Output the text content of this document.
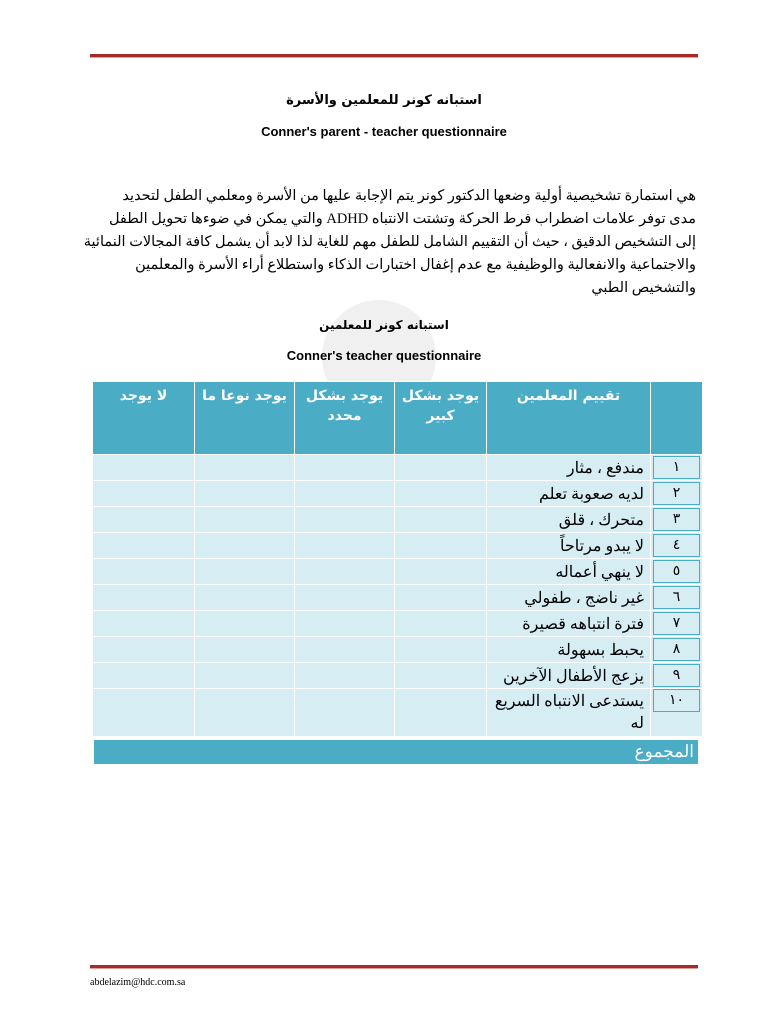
استبانه كونر للمعلمين والأسرة
Conner's parent - teacher questionnaire

هي استمارة تشخيصية أولية وضعها الدكتور كونر يتم الإجابة عليها من الأسرة ومعلمي الطفل لتحديد

مدى توفر علامات اضطراب فرط الحركة وتشتت الانتباه ADHD والتي يمكن في ضوءها تحويل الطفل

إلى التشخيص الدقيق ، حيث أن التقييم الشامل للطفل مهم للغاية لذا لابد أن يشمل كافة المجالات النمائية

والاجتماعية والانفعالية والوظيفية مع عدم إغفال اختبارات الذكاء واستطلاع أراء الأسرة والمعلمين

والتشخيص الطبي

استبانه كونر للمعلمين
Conner's teacher questionnaire
	تقييم المعلمين	يوجد بشكل كبير	يوجد بشكل محدد	يوجد نوعا ما	لا يوجد

١	مندفع ، مثار				

٢	لديه صعوبة تعلم				

٣	متحرك ، قلق				

٤	لا يبدو مرتاحاً				

٥	لا ينهي أعماله				

٦	غير ناضج ، طفولي				

٧	فترة انتباهه قصيرة				

٨	يحبط بسهولة				

٩	يزعج الأطفال الآخرين				

١٠	يستدعى الانتباه السريع له				
المجموع
abdelazim@hdc.com.sa
